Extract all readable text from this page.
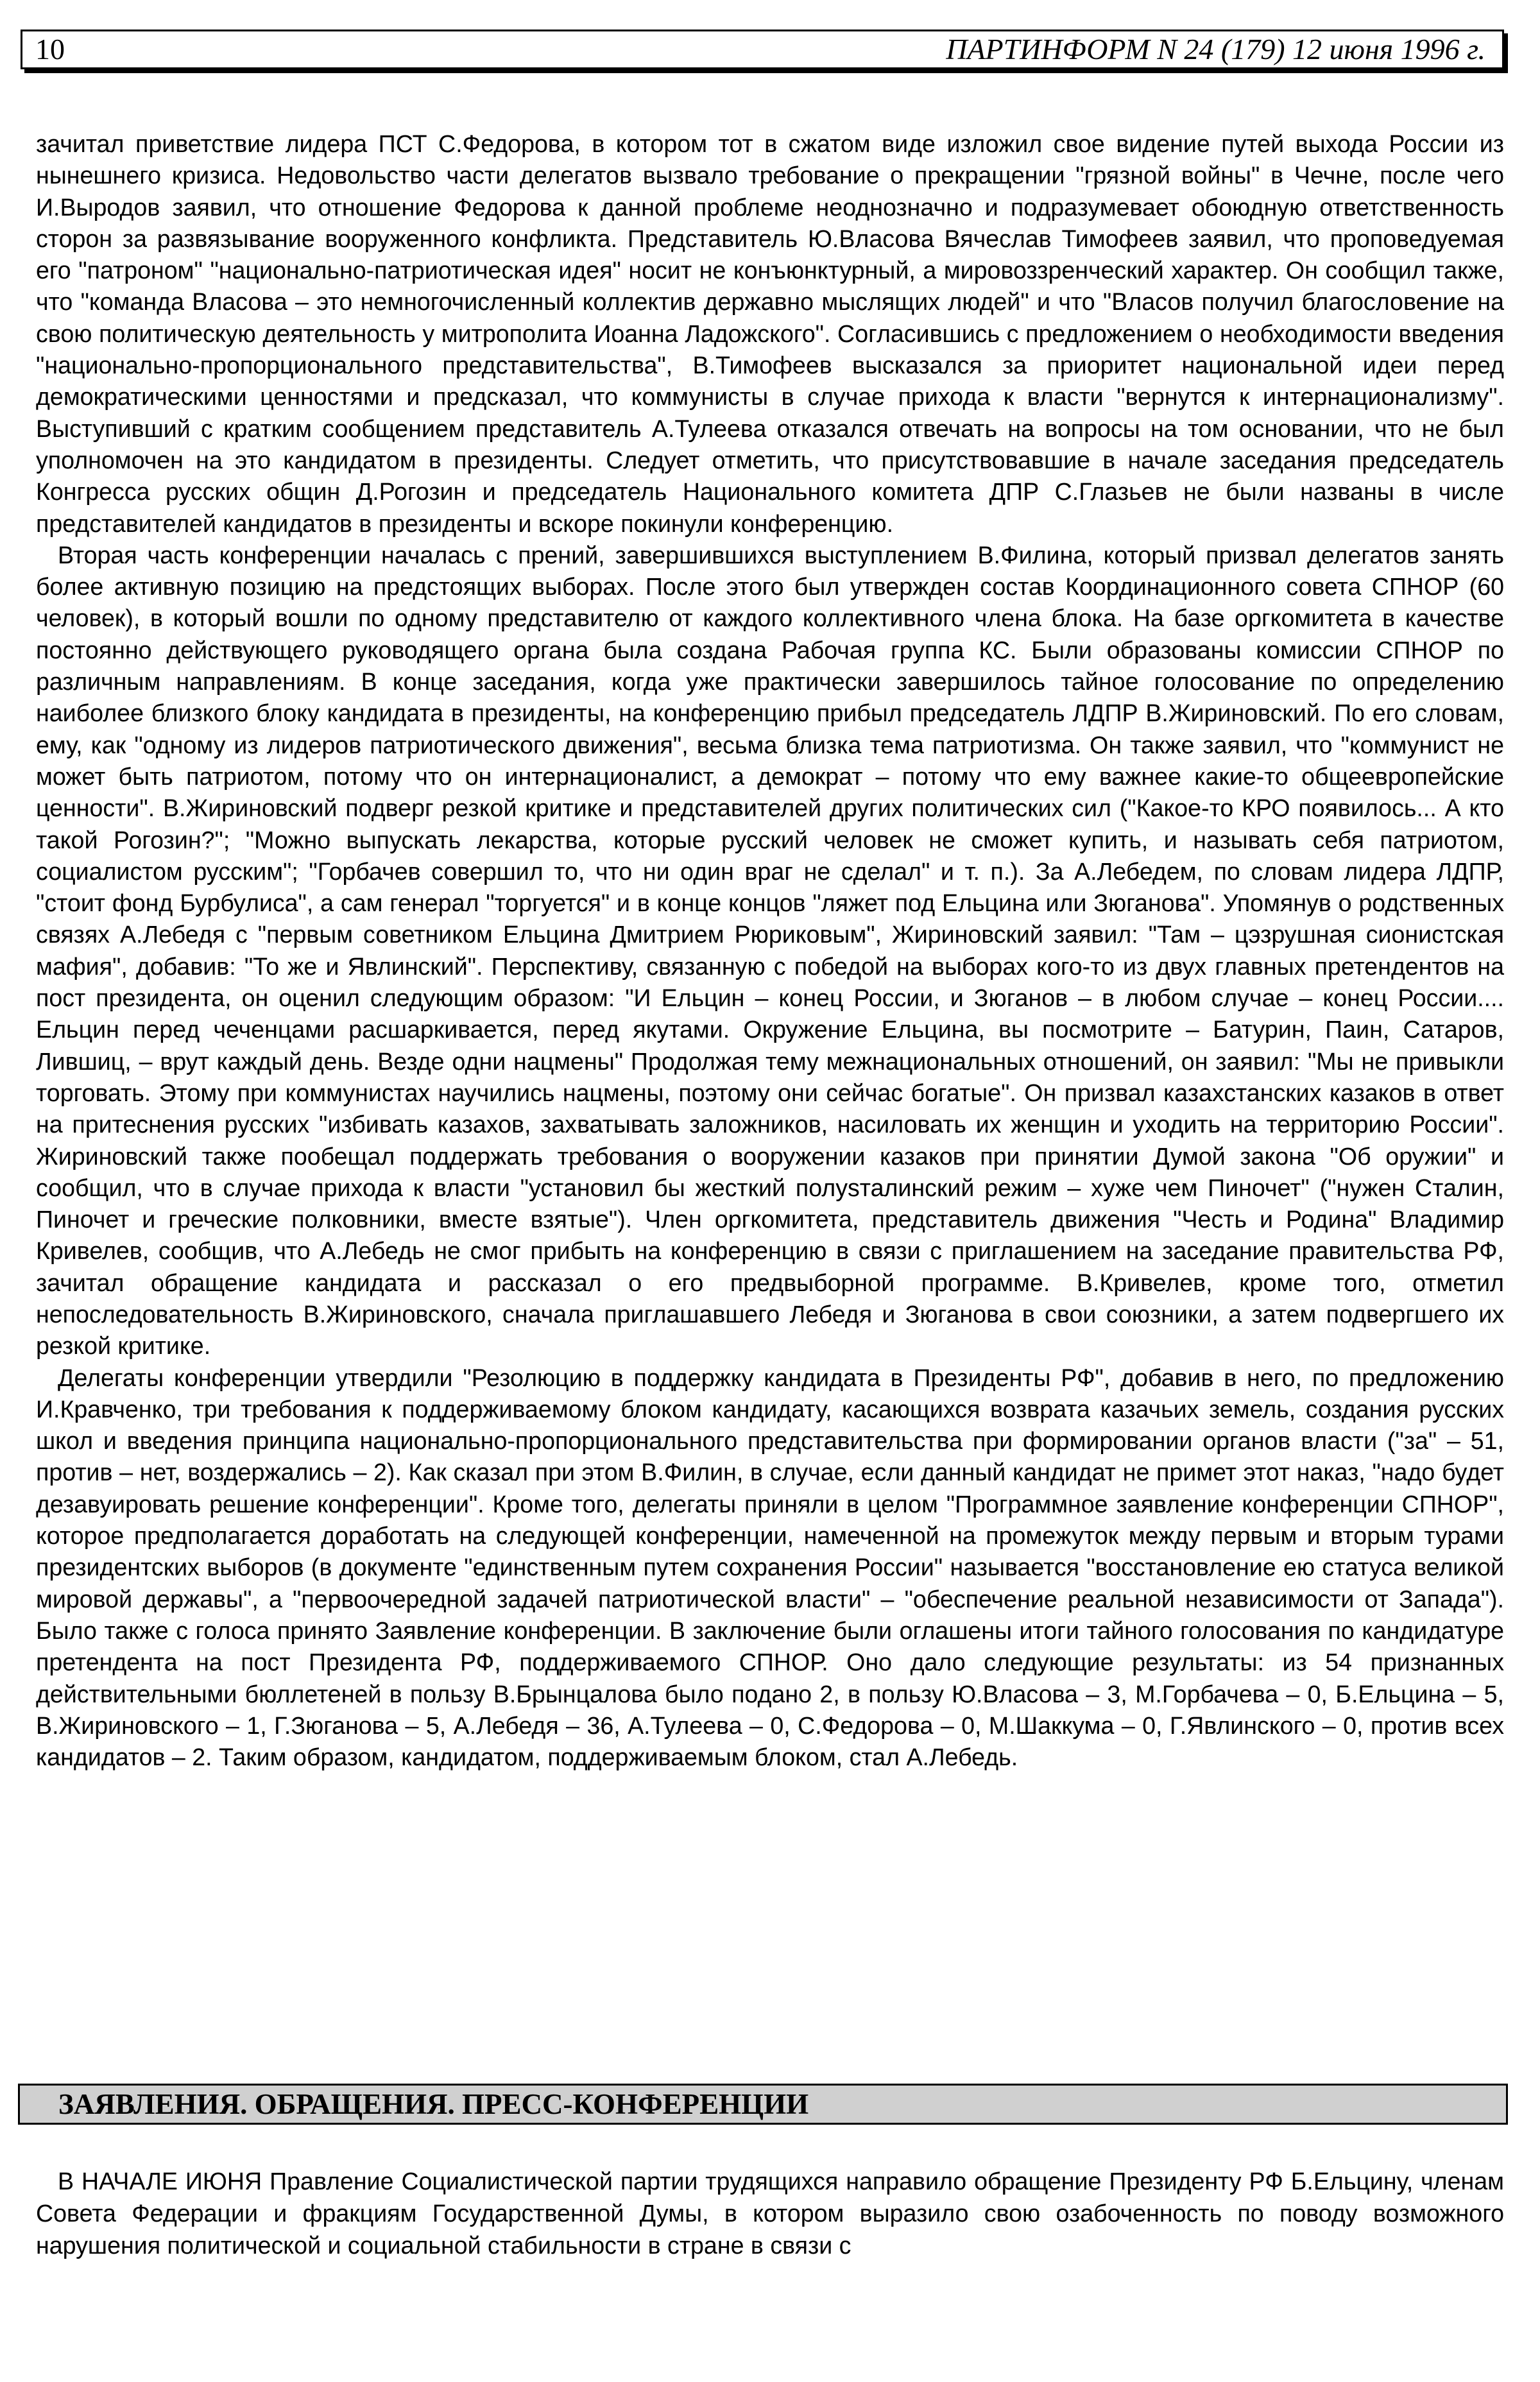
10	ПАРТИНФОРМ N 24 (179) 12 июня 1996 г.

зачитал приветствие лидера ПСТ С.Федорова, в котором тот в сжатом виде изложил свое видение путей выхода России из нынешнего кризиса. Недовольство части делегатов вызвало требование о прекращении "грязной войны" в Чечне, после чего И.Выродов заявил, что отношение Федорова к данной проблеме неоднозначно и подразумевает обоюдную ответственность сторон за развязывание вооруженного конфликта. Представитель Ю.Власова Вячеслав Тимофеев заявил, что проповедуемая его "патроном" "национально-патриотическая идея" носит не конъюнктурный, а мировоззренческий характер. Он сообщил также, что "команда Власова – это немногочисленный коллектив державно мыслящих людей" и что "Власов получил благословение на свою политическую деятельность у митрополита Иоанна Ладожского". Согласившись с предложением о необходимости введения "национально-пропорционального представительства", В.Тимофеев высказался за приоритет национальной идеи перед демократическими ценностями и предсказал, что коммунисты в случае прихода к власти "вернутся к интернационализму". Выступивший с кратким сообщением представитель А.Тулеева отказался отвечать на вопросы на том основании, что не был уполномочен на это кандидатом в президенты. Следует отметить, что присутствовавшие в начале заседания председатель Конгресса русских общин Д.Рогозин и председатель Национального комитета ДПР С.Глазьев не были названы в числе представителей кандидатов в президенты и вскоре покинули конференцию.

Вторая часть конференции началась с прений, завершившихся выступлением В.Филина, который призвал делегатов занять более активную позицию на предстоящих выборах. После этого был утвержден состав Координационного совета СПНОР (60 человек), в который вошли по одному представителю от каждого коллективного члена блока. На базе оргкомитета в качестве постоянно действующего руководящего органа была создана Рабочая группа КС. Были образованы комиссии СПНОР по различным направлениям. В конце заседания, когда уже практически завершилось тайное голосование по определению наиболее близкого блоку кандидата в президенты, на конференцию прибыл председатель ЛДПР В.Жириновский. По его словам, ему, как "одному из лидеров патриотического движения", весьма близка тема патриотизма. Он также заявил, что "коммунист не может быть патриотом, потому что он интернационалист, а демократ – потому что ему важнее какие-то общеевропейские ценности". В.Жириновский подверг резкой критике и представителей других политических сил ("Какое-то КРО появилось... А кто такой Рогозин?"; "Можно выпускать лекарства, которые русский человек не сможет купить, и называть себя патриотом, социалистом русским"; "Горбачев совершил то, что ни один враг не сделал" и т. п.). За А.Лебедем, по словам лидера ЛДПР, "стоит фонд Бурбулиса", а сам генерал "торгуется" и в конце концов "ляжет под Ельцина или Зюганова". Упомянув о родственных связях А.Лебедя с "первым советником Ельцина Дмитрием Рюриковым", Жириновский заявил: "Там – цэзрушная сионистская мафия", добавив: "То же и Явлинский". Перспективу, связанную с победой на выборах кого-то из двух главных претендентов на пост президента, он оценил следующим образом: "И Ельцин – конец России, и Зюганов – в любом случае – конец России.... Ельцин перед чеченцами расшаркивается, перед якутами. Окружение Ельцина, вы посмотрите – Батурин, Паин, Сатаров, Лившиц, – врут каждый день. Везде одни нацмены" Продолжая тему межнациональных отношений, он заявил: "Мы не привыкли торговать. Этому при коммунистах научились нацмены, поэтому они сейчас богатые". Он призвал казахстанских казаков в ответ на притеснения русских "избивать казахов, захватывать заложников, насиловать их женщин и уходить на территорию России". Жириновский также пообещал поддержать требования о вооружении казаков при принятии Думой закона "Об оружии" и сообщил, что в случае прихода к власти "установил бы жесткий полуsталинский режим – хуже чем Пиночет" ("нужен Сталин, Пиночет и греческие полковники, вместе взятые"). Член оргкомитета, представитель движения "Честь и Родина" Владимир Кривелев, сообщив, что А.Лебедь не смог прибыть на конференцию в связи с приглашением на заседание правительства РФ, зачитал обращение кандидата и рассказал о его предвыборной программе. В.Кривелев, кроме того, отметил непоследовательность В.Жириновского, сначала приглашавшего Лебедя и Зюганова в свои союзники, а затем подвергшего их резкой критике.

Делегаты конференции утвердили "Резолюцию в поддержку кандидата в Президенты РФ", добавив в него, по предложению И.Кравченко, три требования к поддерживаемому блоком кандидату, касающихся возврата казачьих земель, создания русских школ и введения принципа национально-пропорционального представительства при формировании органов власти ("за" – 51, против – нет, воздержались – 2). Как сказал при этом В.Филин, в случае, если данный кандидат не примет этот наказ, "надо будет дезавуировать решение конференции". Кроме того, делегаты приняли в целом "Программное заявление конференции СПНОР", которое предполагается доработать на следующей конференции, намеченной на промежуток между первым и вторым турами президентских выборов (в документе "единственным путем сохранения России" называется "восстановление ею статуса великой мировой державы", а "первоочередной задачей патриотической власти" – "обеспечение реальной независимости от Запада"). Было также с голоса принято Заявление конференции. В заключение были оглашены итоги тайного голосования по кандидатуре претендента на пост Президента РФ, поддерживаемого СПНОР. Оно дало следующие результаты: из 54 признанных действительными бюллетеней в пользу В.Брынцалова было подано 2, в пользу Ю.Власова – 3, М.Горбачева – 0, Б.Ельцина – 5, В.Жириновского – 1, Г.Зюганова – 5, А.Лебедя – 36, А.Тулеева – 0, С.Федорова – 0, М.Шаккума – 0, Г.Явлинского – 0, против всех кандидатов – 2. Таким образом, кандидатом, поддерживаемым блоком, стал А.Лебедь.

ЗАЯВЛЕНИЯ. ОБРАЩЕНИЯ. ПРЕСС-КОНФЕРЕНЦИИ

В НАЧАЛЕ ИЮНЯ Правление Социалистической партии трудящихся направило обращение Президенту РФ Б.Ельцину, членам Совета Федерации и фракциям Государственной Думы, в котором выразило свою озабоченность по поводу возможного нарушения политической и социальной стабильности в стране в связи с
